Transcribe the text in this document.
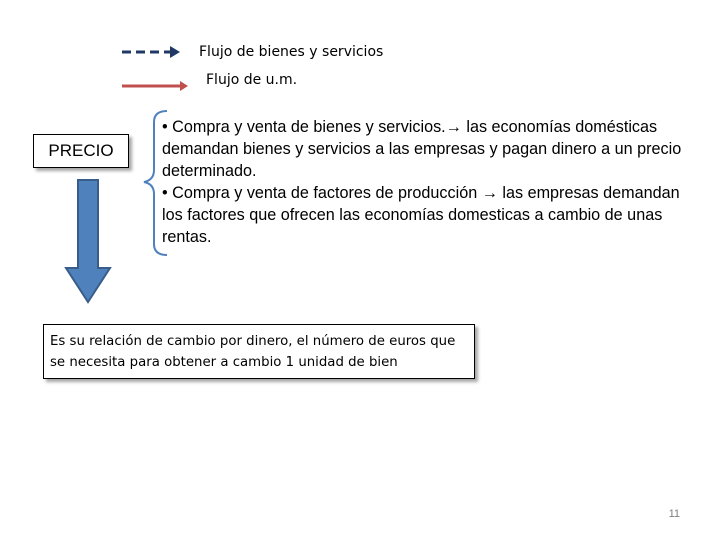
Flujo de bienes y servicios
Flujo de u.m.
PRECIO

• Compra y venta de bienes y servicios.→ las economías domésticas demandan bienes y servicios a las empresas y pagan dinero a un precio determinado.

• Compra y venta de factores de producción → las empresas demandan los factores que ofrecen las economías domesticas a cambio de unas rentas.

Es su relación de cambio por dinero, el número de euros que se necesita para obtener a cambio 1 unidad de bien
11
